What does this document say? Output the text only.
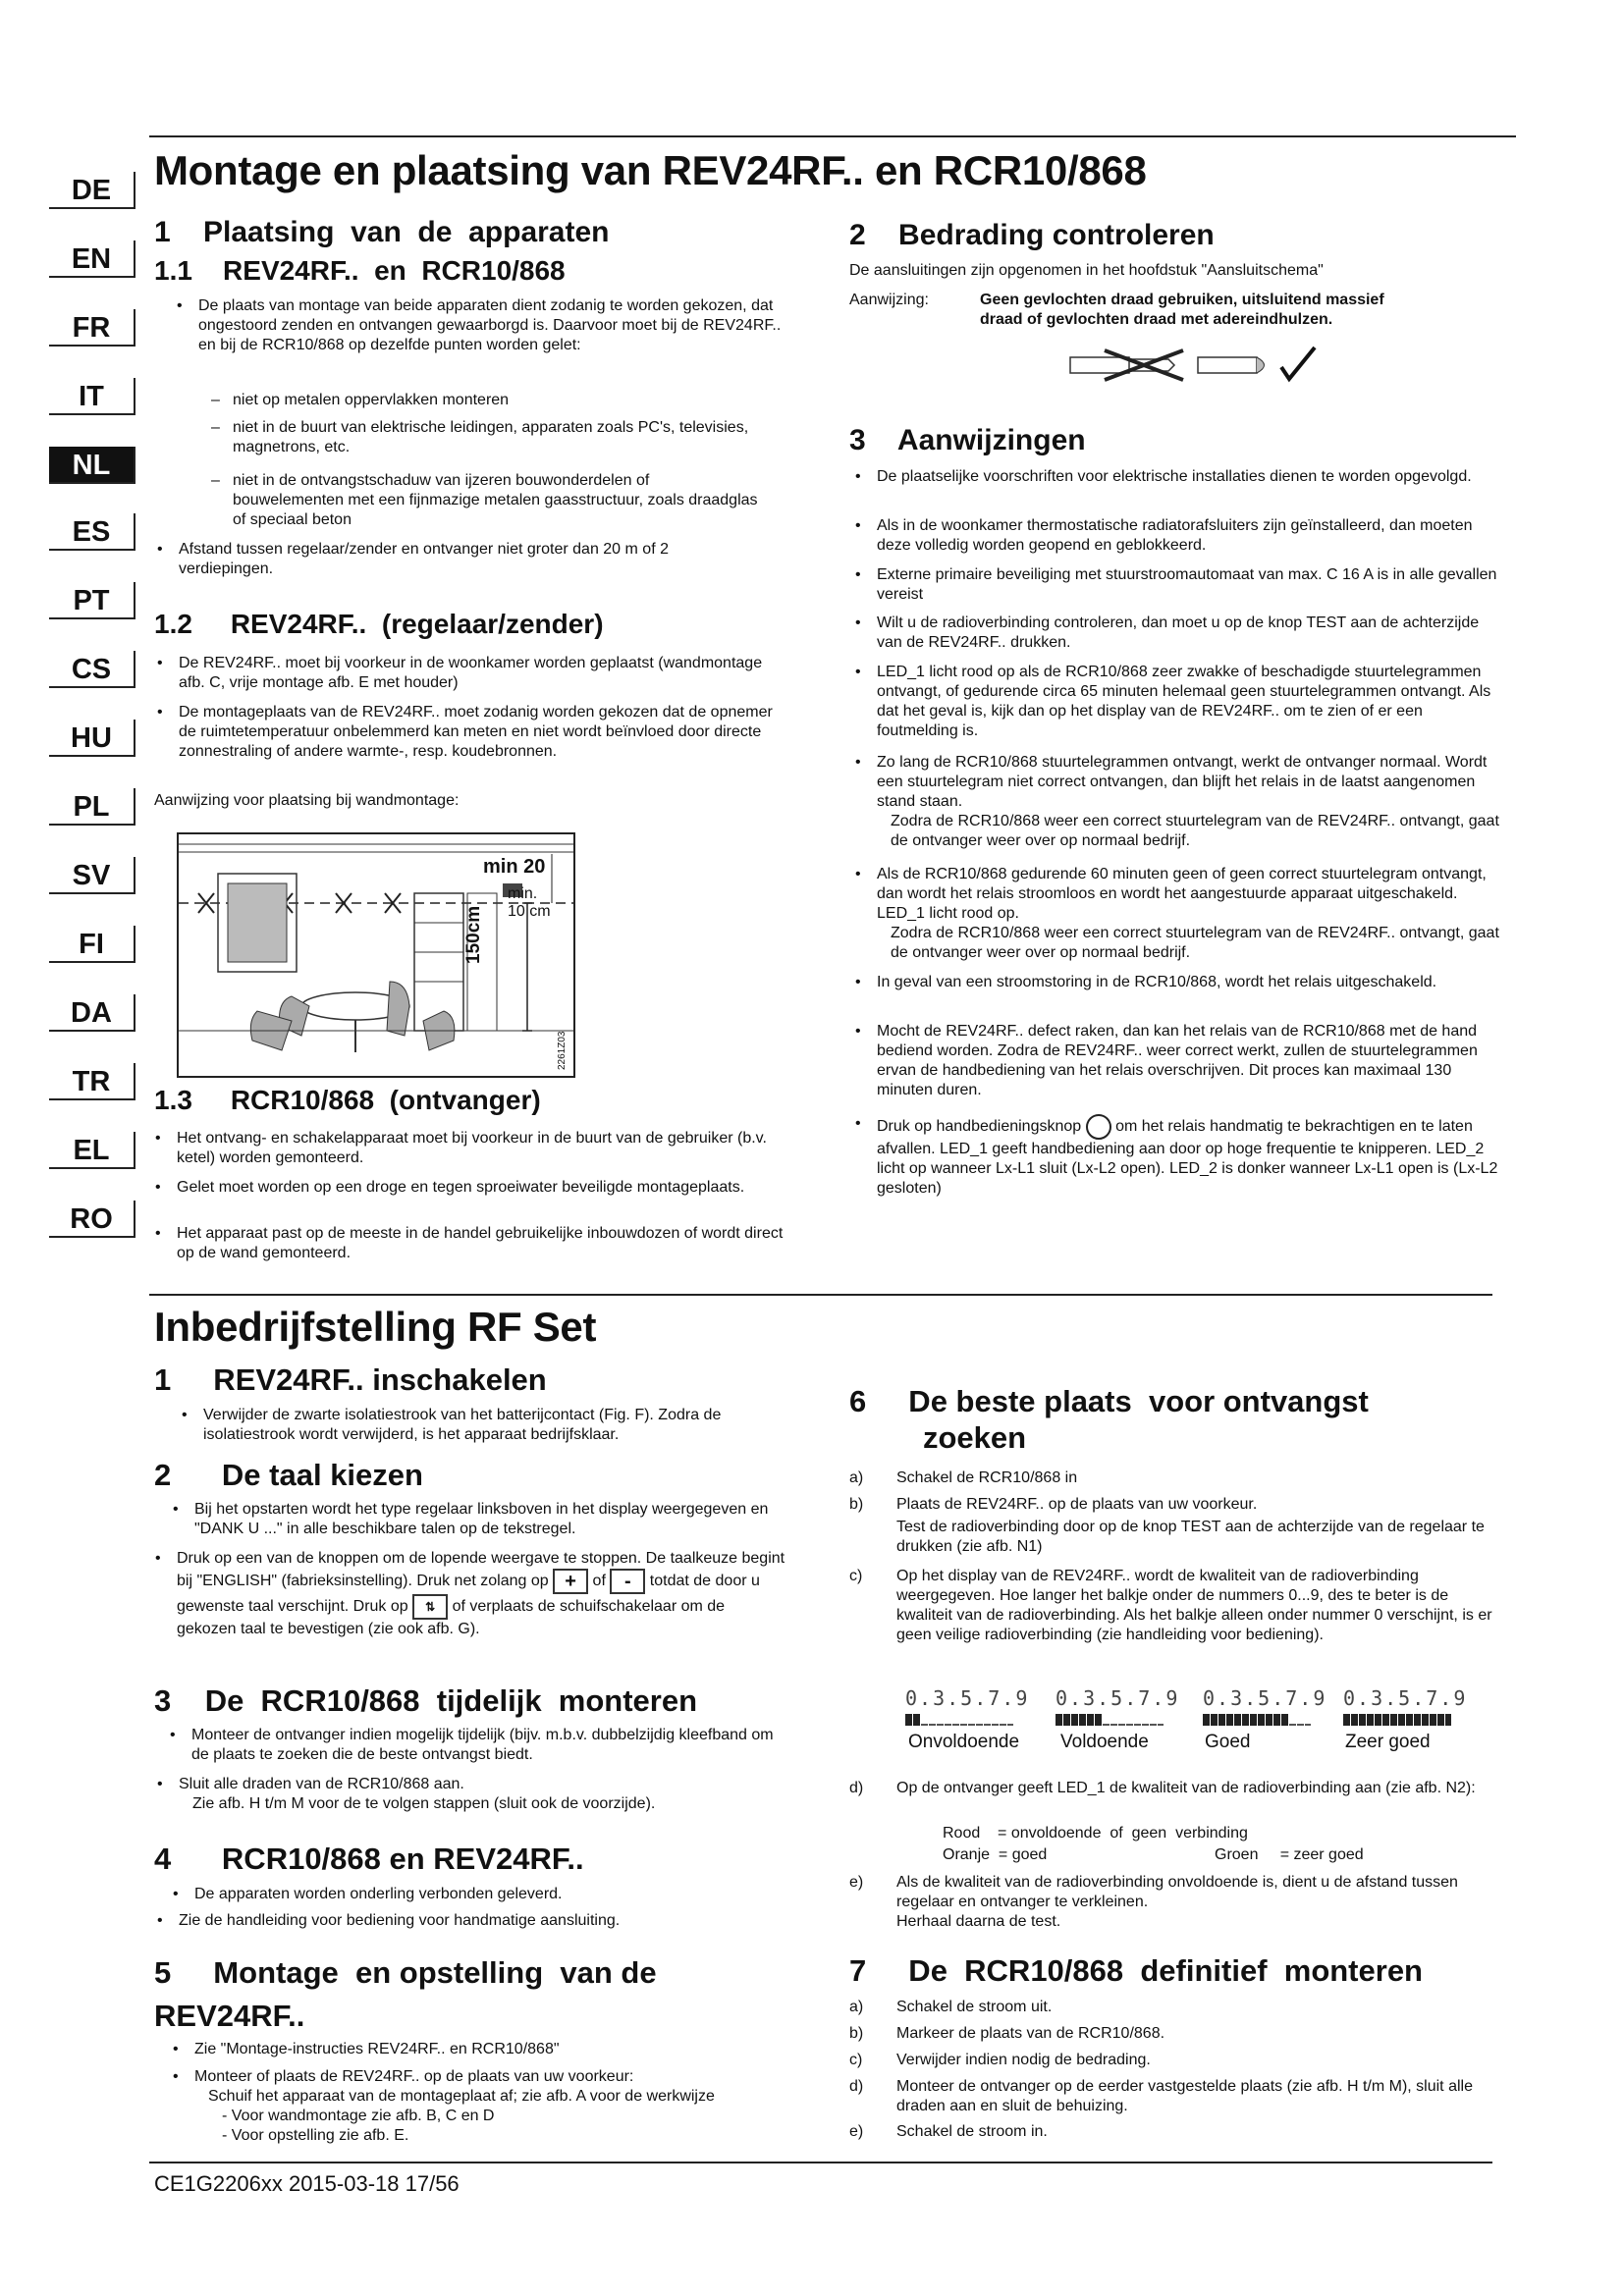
DE
EN
FR
IT
NL
ES
PT
CS
HU
PL
SV
FI
DA
TR
EL
RO
Montage en plaatsing van REV24RF.. en RCR10/868
1    Plaatsing  van  de  apparaten
1.1    REV24RF..  en  RCR10/868
• De plaats van montage van beide apparaten dient zodanig te worden gekozen, dat ongestoord zenden en ontvangen gewaarborgd is. Daarvoor moet bij de REV24RF.. en bij de RCR10/868 op dezelfde punten worden gelet:
– niet op metalen oppervlakken monteren
– niet in de buurt van elektrische leidingen, apparaten zoals PC's, televisies, magnetrons, etc.
– niet in de ontvangstschaduw van ijzeren bouwonderdelen of bouwelementen met een fijnmazige metalen gaasstructuur, zoals draadglas of speciaal beton
• Afstand tussen regelaar/zender en ontvanger niet groter dan 20 m of 2 verdiepingen.
1.2     REV24RF..  (regelaar/zender)
• De REV24RF.. moet bij voorkeur in de woonkamer worden geplaatst (wandmontage afb. C, vrije montage afb. E met houder)
• De montageplaats van de REV24RF.. moet zodanig worden gekozen dat de opnemer de ruimtetemperatuur onbelemmerd kan meten en niet wordt beïnvloed door directe zonnestraling of andere warmte-, resp. koudebronnen.
Aanwijzing voor plaatsing bij wandmontage:
min 20
min.
10 cm
150cm
2261Z03
1.3     RCR10/868  (ontvanger)
• Het ontvang- en schakelapparaat moet bij voorkeur in de buurt van de gebruiker (b.v. ketel) worden gemonteerd.
• Gelet moet worden op een droge en tegen sproeiwater beveiligde montageplaats.
• Het apparaat past op de meeste in de handel gebruikelijke inbouwdozen of wordt direct op de wand gemonteerd.
2    Bedrading controleren
De aansluitingen zijn opgenomen in het hoofdstuk "Aansluitschema"
Aanwijzing:	Geen gevlochten draad gebruiken, uitsluitend massief draad of gevlochten draad met adereindhulzen.
3    Aanwijzingen
• De plaatselijke voorschriften voor elektrische installaties dienen te worden opgevolgd.
• Als in de woonkamer thermostatische radiatorafsluiters zijn geïnstalleerd, dan moeten deze volledig worden geopend en geblokkeerd.
• Externe primaire beveiliging met stuurstroomautomaat van max. C 16 A is in alle gevallen vereist
• Wilt u de radioverbinding controleren, dan moet u op de knop TEST aan de achterzijde van de REV24RF.. drukken.
• LED_1 licht rood op als de RCR10/868 zeer zwakke of beschadigde stuurtelegrammen ontvangt, of gedurende circa 65 minuten helemaal geen stuurtelegrammen ontvangt. Als dat het geval is, kijk dan op het display van de REV24RF.. om te zien of er een foutmelding is.
• Zo lang de RCR10/868 stuurtelegrammen ontvangt, werkt de ontvanger normaal. Wordt een stuurtelegram niet correct ontvangen, dan blijft het relais in de laatst aangenomen stand staan.
Zodra de RCR10/868 weer een correct stuurtelegram van de REV24RF.. ontvangt, gaat de ontvanger weer over op normaal bedrijf.
• Als de RCR10/868 gedurende 60 minuten geen of geen correct stuurtelegram ontvangt, dan wordt het relais stroomloos en wordt het aangestuurde apparaat uitgeschakeld. LED_1 licht rood op.
Zodra de RCR10/868 weer een correct stuurtelegram van de REV24RF.. ontvangt, gaat de ontvanger weer over op normaal bedrijf.
• In geval van een stroomstoring in de RCR10/868, wordt het relais uitgeschakeld.
• Mocht de REV24RF.. defect raken, dan kan het relais van de RCR10/868 met de hand bediend worden. Zodra de REV24RF.. weer correct werkt, zullen de stuurtelegrammen ervan de handbediening van het relais overschrijven. Dit proces kan maximaal 130 minuten duren.
• Druk op handbedieningsknop om het relais handmatig te bekrachtigen en te laten afvallen. LED_1 geeft handbediening aan door op hoge frequentie te knipperen. LED_2 licht op wanneer Lx-L1 sluit (Lx-L2 open). LED_2 is donker wanneer Lx-L1 open is (Lx-L2 gesloten)
Inbedrijfstelling RF Set
1     REV24RF.. inschakelen
• Verwijder de zwarte isolatiestrook van het batterijcontact (Fig. F). Zodra de isolatiestrook wordt verwijderd, is het apparaat bedrijfsklaar.
2      De taal kiezen
• Bij het opstarten wordt het type regelaar linksboven in het display weergegeven en "DANK U ..." in alle beschikbare talen op de tekstregel.
• Druk op een van de knoppen om de lopende weergave te stoppen. De taalkeuze begint bij "ENGLISH" (fabrieksinstelling). Druk net zolang op + of - totdat de door u gewenste taal verschijnt. Druk op ⇅ of verplaats de schuifschakelaar om de gekozen taal te bevestigen (zie ook afb. G).
3    De  RCR10/868  tijdelijk  monteren
• Monteer de ontvanger indien mogelijk tijdelijk (bijv. m.b.v. dubbelzijdig kleefband om de plaats te zoeken die de beste ontvangst biedt.
• Sluit alle draden van de RCR10/868 aan.
Zie afb. H t/m M voor de te volgen stappen (sluit ook de voorzijde).
4      RCR10/868 en REV24RF..
• De apparaten worden onderling verbonden geleverd.
• Zie de handleiding voor bediening voor handmatige aansluiting.
5     Montage  en opstelling  van de
REV24RF..
• Zie "Montage-instructies REV24RF.. en RCR10/868"
• Monteer of plaats de REV24RF.. op de plaats van uw voorkeur:
Schuif het apparaat van de montageplaat af; zie afb. A voor de werkwijze
- Voor wandmontage zie afb. B, C en D
- Voor opstelling zie afb. E.
6     De beste plaats  voor ontvangst
zoeken
a)	Schakel de RCR10/868 in
b)	Plaats de REV24RF.. op de plaats van uw voorkeur.
Test de radioverbinding door op de knop TEST aan de achterzijde van de regelaar te drukken (zie afb. N1)
c)	Op het display van de REV24RF.. wordt de kwaliteit van de radioverbinding weergegeven. Hoe langer het balkje onder de nummers 0...9, des te beter is de kwaliteit van de radioverbinding. Als het balkje alleen onder nummer 0 verschijnt, is er geen veilige radioverbinding (zie handleiding voor bediening).
0.3.5.7.9 0.3.5.7.9 0.3.5.7.9 0.3.5.7.9
Onvoldoende Voldoende	Goed	Zeer goed
d)	Op de ontvanger geeft LED_1 de kwaliteit van de radioverbinding aan (zie afb. N2):
Rood    = onvoldoende  of  geen  verbinding
Oranje  = goed	Groen     = zeer goed
e)	Als de kwaliteit van de radioverbinding onvoldoende is, dient u de afstand tussen regelaar en ontvanger te verkleinen.
Herhaal daarna de test.
7     De  RCR10/868  definitief  monteren
a)	Schakel de stroom uit.
b)	Markeer de plaats van de RCR10/868.
c)	Verwijder indien nodig de bedrading.
d)	Monteer de ontvanger op de eerder vastgestelde plaats (zie afb. H t/m M), sluit alle draden aan en sluit de behuizing.
e)	Schakel de stroom in.
CE1G2206xx 2015-03-18 17/56
